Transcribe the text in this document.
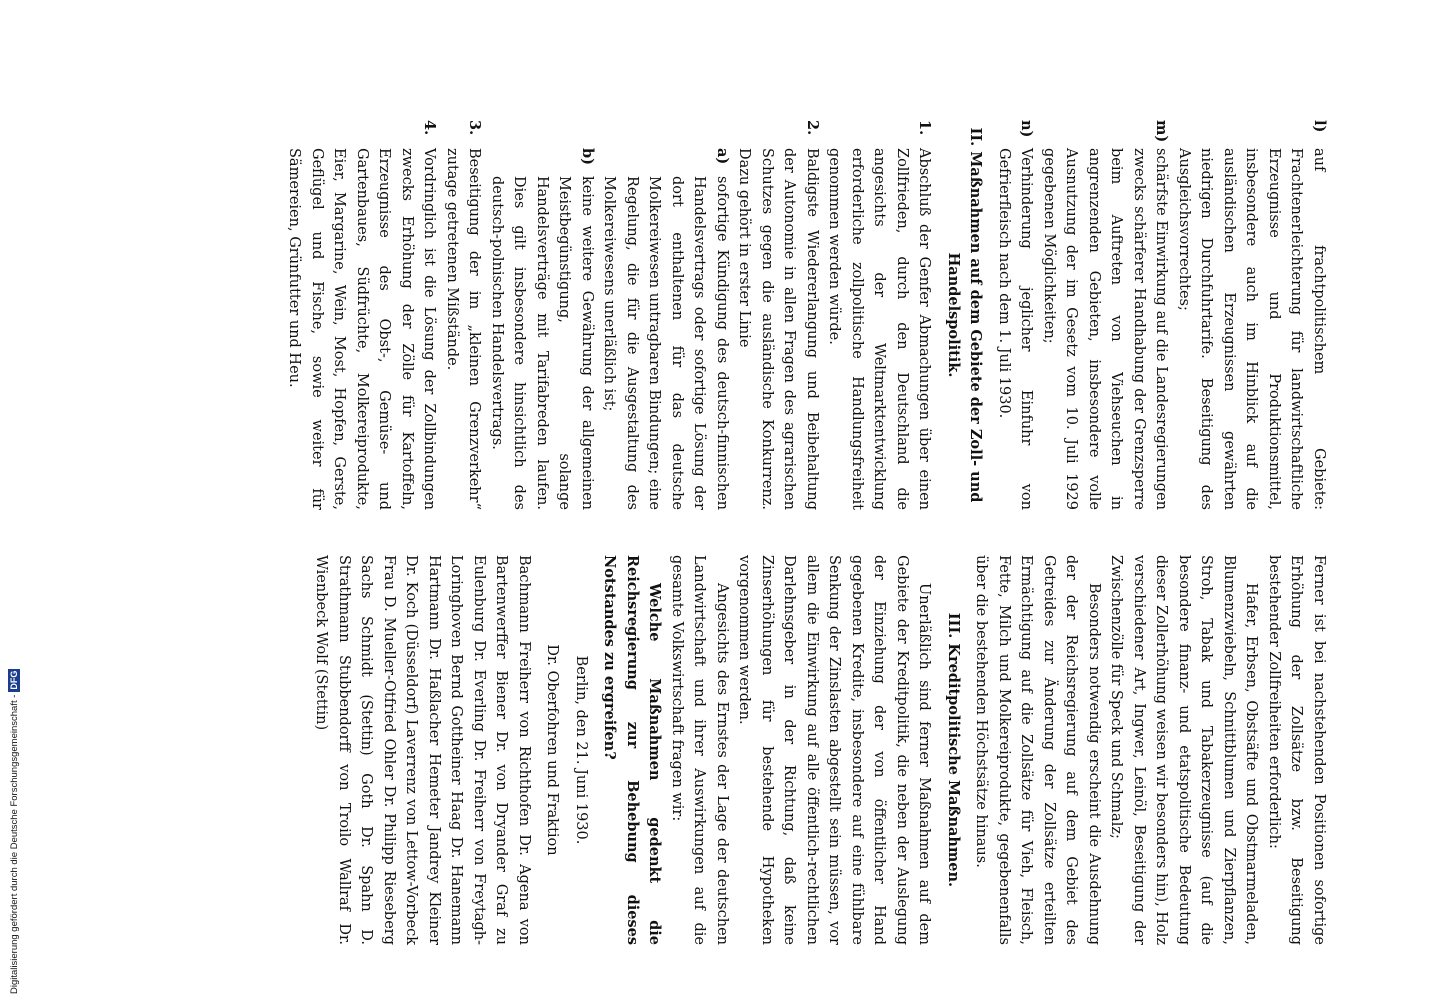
l)

auf frachtpolitischem Gebiete: Frachtenerleichterung für landwirtschaftliche Erzeugnisse und Produktionsmittel, insbesondere auch im Hinblick auf die ausländischen Erzeugnissen gewährten niedrigen Durchfuhrtarife. Beseitigung des Ausgleichsvorrechtes;

m)

schärfste Einwirkung auf die Landesregierungen zwecks schärferer Handhabung der Grenzsperre beim Auftreten von Viehseuchen in angrenzenden Gebieten, insbesondere volle Ausnutzung der im Gesetz vom 10. Juli 1929 gegebenen Möglichkeiten;

n)

Verhinderung jeglicher Einfuhr von Gefrierfleisch nach dem 1. Juli 1930.

II. Maßnahmen auf dem Gebiete der Zoll- und Handelspolitik.

1.

Abschluß der Genfer Abmachungen über einen Zollfrieden, durch den Deutschland die angesichts der Weltmarktentwicklung erforderliche zollpolitische Handlungsfreiheit genommen werden würde.

2.

Baldigste Wiedererlangung und Beibehaltung der Autonomie in allen Fragen des agrarischen Schutzes gegen die ausländische Konkurrenz. Dazu gehört in erster Linie

a)

sofortige Kündigung des deutsch-finnischen Handelsvertrags oder sofortige Lösung der dort enthaltenen für das deutsche Molkereiwesen untragbaren Bindungen; eine Regelung, die für die Ausgestaltung des Molkereiwesens unerläßlich ist;

b)

keine weitere Gewährung der allgemeinen Meistbegünstigung, solange Handelsverträge mit Tarifabreden laufen. Dies gilt insbesondere hinsichtlich des deutsch-polnischen Handelsvertrags.

3.

Beseitigung der im „kleinen Grenzverkehr“ zutage getretenen Mißstände.

4.

Vordringlich ist die Lösung der Zollbindungen zwecks Erhöhung der Zölle für Kartoffeln, Erzeugnisse des Obst-, Gemüse- und Gartenbaues, Südfrüchte, Molkereiprodukte, Eier, Margarine, Wein, Most, Hopfen, Gerste, Geflügel und Fische, sowie weiter für Sämereien, Grünfutter und Heu.

Ferner ist bei nachstehenden Positionen sofortige Erhöhung der Zollsätze bzw. Beseitigung bestehender Zollfreiheiten erforderlich:

Hafer, Erbsen, Obstsäfte und Obstmarmeladen, Blumenzwiebeln, Schnittblumen und Zierpflanzen, Stroh, Tabak und Tabakerzeugnisse (auf die besondere finanz- und etatspolitische Bedeutung dieser Zollerhöhung weisen wir besonders hin), Holz verschiedener Art, Ingwer, Leinöl, Beseitigung der Zwischenzölle für Speck und Schmalz;

Besonders notwendig erscheint die Ausdehnung der der Reichsregierung auf dem Gebiet des Getreides zur Änderung der Zollsätze erteilten Ermächtigung auf die Zollsätze für Vieh, Fleisch, Fette, Milch und Molkereiprodukte, gegebenenfalls über die bestehenden Höchstsätze hinaus.

III. Kreditpolitische Maßnahmen.

Unerläßlich sind ferner Maßnahmen auf dem Gebiete der Kreditpolitik, die neben der Auslegung der Einziehung der von öffentlicher Hand gegebenen Kredite, insbesondere auf eine fühlbare Senkung der Zinslasten abgestellt sein müssen, vor allem die Einwirkung auf alle öffentlich-rechtlichen Darlehnsgeber in der Richtung, daß keine Zinserhöhungen für bestehende Hypotheken vorgenommen werden.

Angesichts des Ernstes der Lage der deutschen Landwirtschaft und ihrer Auswirkungen auf die gesamte Volkswirtschaft fragen wir:

Welche Maßnahmen gedenkt die Reichsregierung zur Behebung dieses Notstandes zu ergreifen?

Berlin, den 21. Juni 1930.

Dr. Oberfohren und Fraktion

Bachmann Freiherr von Richthofen Dr. Agena von Bartenwerffer Biener Dr. von Dryander Graf zu Eulenburg Dr. Everling Dr. Freiherr von Freytagh-Loringhoven Bernd Gottheiner Haag Dr. Hanemann Hartmann Dr. Haßlacher Hemeter Jandrey Kleiner Dr. Koch (Düsseldorf) Laverrenz von Lettow-Vorbeck Frau D. Mueller-Otfried Ohler Dr. Philipp Rieseberg Sachs Schmidt (Stettin) Goth Dr. Spahn D. Strathmann Stubbendorff von Troilo Wallraf Dr. Wienbeck Wolf (Stettin)

Digitalisierung gefördert durch die Deutsche Forschungsgemeinschaft -
DFG
